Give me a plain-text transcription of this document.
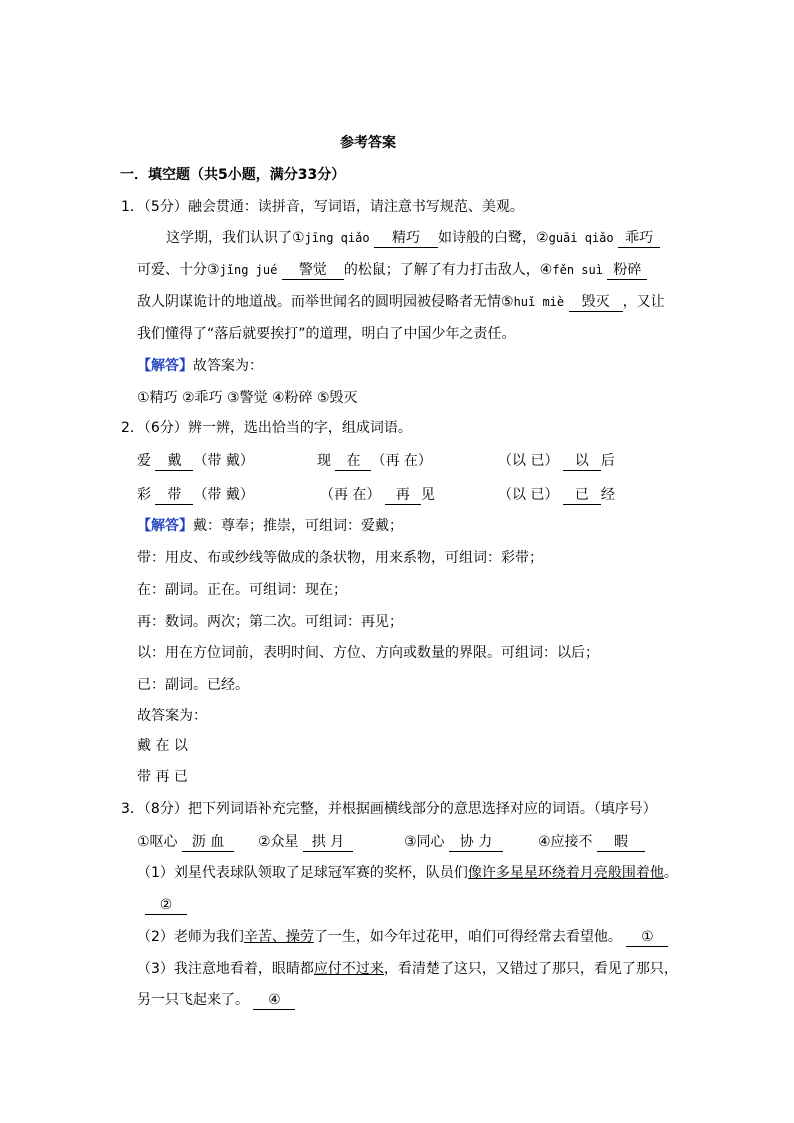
参考答案
一．填空题（共5小题，满分33分）
1．（5分）融会贯通：读拼音，写词语，请注意书写规范、美观。
这学期，我们认识了①jīng qiǎo 精巧 如诗般的白鹭，②guāi qiǎo 乖巧
可爱、十分③jǐng jué 警觉 的松鼠；了解了有力打击敌人，④fěn suì 粉碎
敌人阴谋诡计的地道战。而举世闻名的圆明园被侵略者无情⑤huǐ miè 毁灭 ，又让
我们懂得了“落后就要挨打”的道理，明白了中国少年之责任。
【解答】故答案为：
①精巧 ②乖巧 ③警觉 ④粉碎 ⑤毁灭
2．（6分）辨一辨，选出恰当的字，组成词语。
爱 戴 （带 戴）	现 在 （再 在）	（以 已） 以 后
彩 带 （带 戴）	（再 在） 再 见	（以 已） 已 经
【解答】戴：尊奉；推崇，可组词：爱戴；
带：用皮、布或纱线等做成的条状物，用来系物，可组词：彩带；
在：副词。正在。可组词：现在；
再：数词。两次；第二次。可组词：再见；
以：用在方位词前，表明时间、方位、方向或数量的界限。可组词：以后；
已：副词。已经。
故答案为：
戴 在 以
带 再 已
3．（8分）把下列词语补充完整，并根据画横线部分的意思选择对应的词语。（填序号）
①呕心 沥 血	②众星 拱 月	③同心 协 力	④应接不 暇
（1）刘星代表球队领取了足球冠军赛的奖杯，队员们像许多星星环绕着月亮般围着他。
②
（2）老师为我们辛苦、操劳了一生，如今年过花甲，咱们可得经常去看望他。 ①
（3）我注意地看着，眼睛都应付不过来，看清楚了这只，又错过了那只，看见了那只，
另一只飞起来了。 ④
